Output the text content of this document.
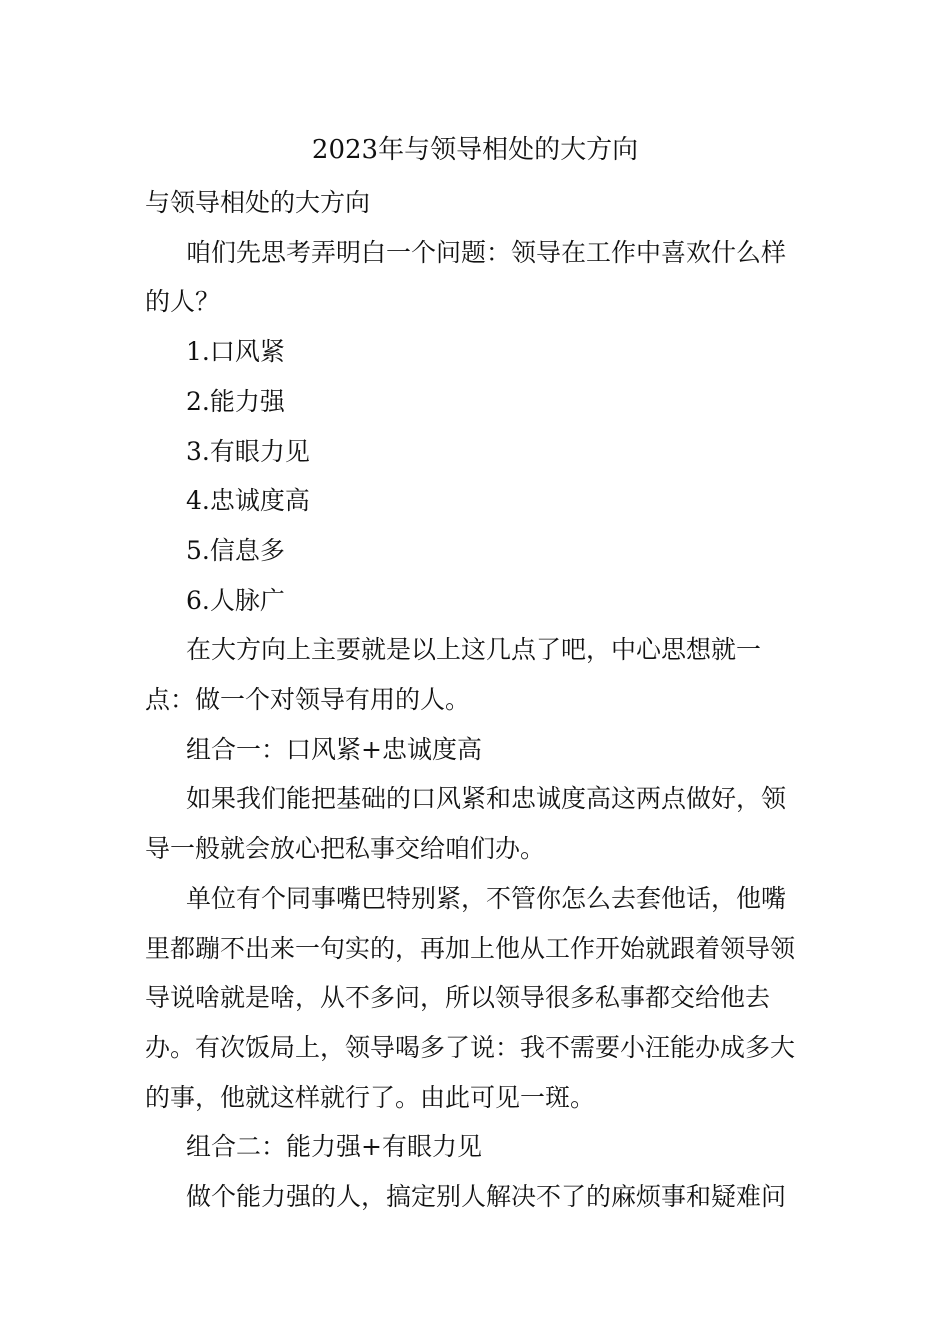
2023年与领导相处的大方向

与领导相处的大方向

咱们先思考弄明白一个问题：领导在工作中喜欢什么样的人？

1.口风紧

2.能力强

3.有眼力见

4.忠诚度高

5.信息多

6.人脉广

在大方向上主要就是以上这几点了吧，中心思想就一点：做一个对领导有用的人。

组合一：口风紧+忠诚度高

如果我们能把基础的口风紧和忠诚度高这两点做好，领导一般就会放心把私事交给咱们办。

单位有个同事嘴巴特别紧，不管你怎么去套他话，他嘴里都蹦不出来一句实的，再加上他从工作开始就跟着领导领导说啥就是啥，从不多问，所以领导很多私事都交给他去办。有次饭局上，领导喝多了说：我不需要小汪能办成多大的事，他就这样就行了。由此可见一斑。

组合二：能力强+有眼力见

做个能力强的人，搞定别人解决不了的麻烦事和疑难问
